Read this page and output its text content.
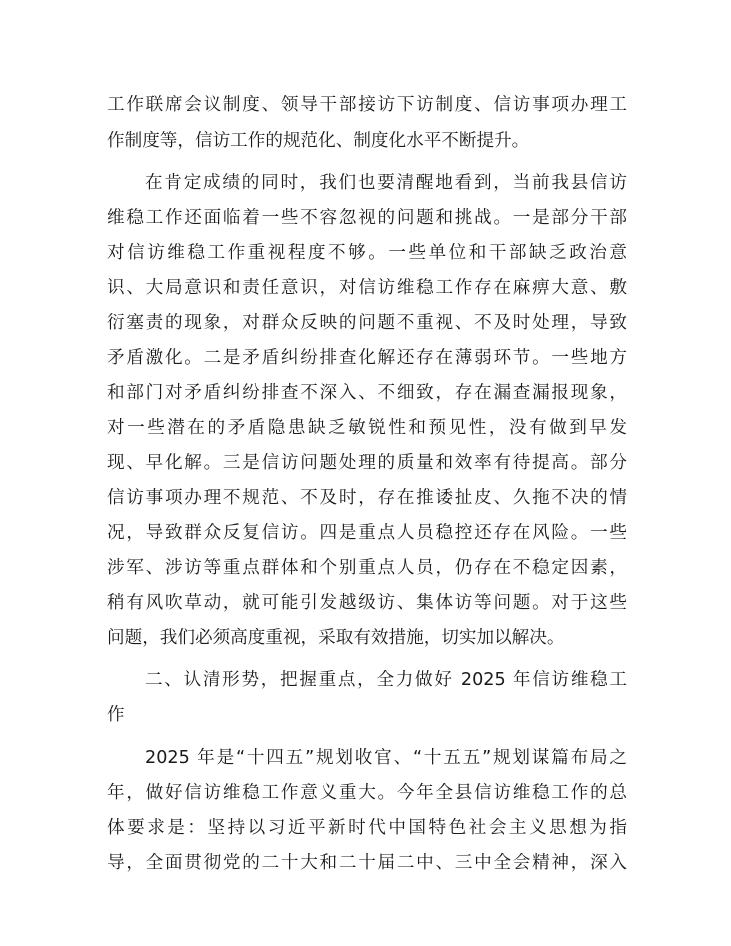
工作联席会议制度、领导干部接访下访制度、信访事项办理工
作制度等，信访工作的规范化、制度化水平不断提升。
在肯定成绩的同时，我们也要清醒地看到，当前我县信访
维稳工作还面临着一些不容忽视的问题和挑战。一是部分干部
对信访维稳工作重视程度不够。一些单位和干部缺乏政治意
识、大局意识和责任意识，对信访维稳工作存在麻痹大意、敷
衍塞责的现象，对群众反映的问题不重视、不及时处理，导致
矛盾激化。二是矛盾纠纷排查化解还存在薄弱环节。一些地方
和部门对矛盾纠纷排查不深入、不细致，存在漏查漏报现象，
对一些潜在的矛盾隐患缺乏敏锐性和预见性，没有做到早发
现、早化解。三是信访问题处理的质量和效率有待提高。部分
信访事项办理不规范、不及时，存在推诿扯皮、久拖不决的情
况，导致群众反复信访。四是重点人员稳控还存在风险。一些
涉军、涉访等重点群体和个别重点人员，仍存在不稳定因素，
稍有风吹草动，就可能引发越级访、集体访等问题。对于这些
问题，我们必须高度重视，采取有效措施，切实加以解决。
二、认清形势，把握重点，全力做好 2025 年信访维稳工
作
2025 年是“十四五”规划收官、“十五五”规划谋篇布局之
年，做好信访维稳工作意义重大。今年全县信访维稳工作的总
体要求是：坚持以习近平新时代中国特色社会主义思想为指
导，全面贯彻党的二十大和二十届二中、三中全会精神，深入
